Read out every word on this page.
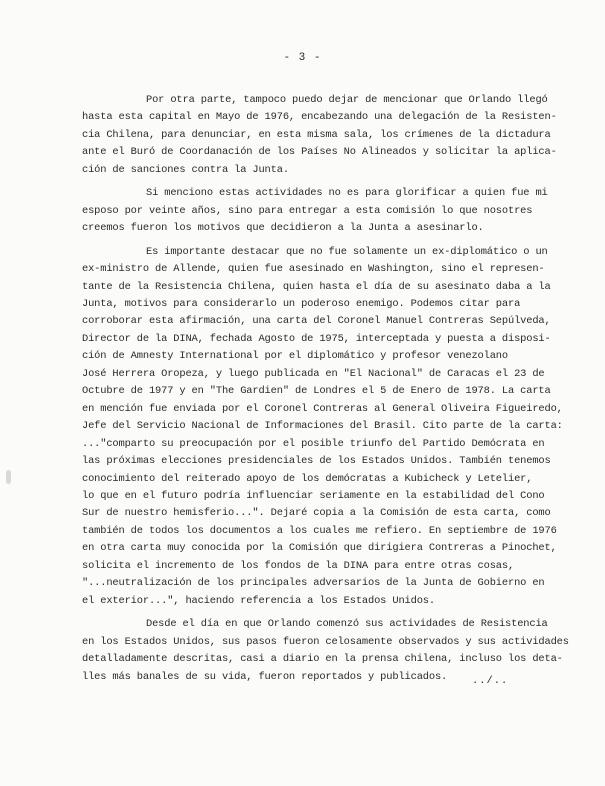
- 3 -
Por otra parte, tampoco puedo dejar de mencionar que Orlando llegó
hasta esta capital en Mayo de 1976, encabezando una delegación de la Resisten-
cia Chilena, para denunciar, en esta misma sala, los crímenes de la dictadura
ante el Buró de Coordanación de los Países No Alineados y solicitar la aplica-
ción de sanciones contra la Junta.
Si menciono estas actividades no es para glorificar a quien fue mi
esposo por veinte años, sino para entregar a esta comisión lo que nosotres
creemos fueron los motivos que decidieron a la Junta a asesinarlo.
Es importante destacar que no fue solamente un ex-diplomático o un
ex-ministro de Allende, quien fue asesinado en Washington, sino el represen-
tante de la Resistencia Chilena, quien hasta el día de su asesinato daba a la
Junta, motivos para considerarlo un poderoso enemigo. Podemos citar para
corroborar esta afirmación, una carta del Coronel Manuel Contreras Sepúlveda,
Director de la DINA, fechada Agosto de 1975, interceptada y puesta a disposi-
ción de Amnesty International por el diplomático y profesor venezolano
José Herrera Oropeza, y luego publicada en "El Nacional" de Caracas el 23 de
Octubre de 1977 y en "The Gardien" de Londres el 5 de Enero de 1978. La carta
en mención fue enviada por el Coronel Contreras al General Oliveira Figueiredo,
Jefe del Servicio Nacional de Informaciones del Brasil. Cito parte de la carta:
..."comparto su preocupación por el posible triunfo del Partido Demócrata en
las próximas elecciones presidenciales de los Estados Unidos. También tenemos
conocimiento del reiterado apoyo de los demócratas a Kubicheck y Letelier,
lo que en el futuro podría influenciar seriamente en la estabilidad del Cono
Sur de nuestro hemisferio...". Dejaré copia a la Comisión de esta carta, como
también de todos los documentos a los cuales me refiero. En septiembre de 1976
en otra carta muy conocida por la Comisión que dirigiera Contreras a Pinochet,
solicita el incremento de los fondos de la DINA para entre otras cosas,
"...neutralización de los principales adversarios de la Junta de Gobierno en
el exterior...", haciendo referencia a los Estados Unidos.
Desde el día en que Orlando comenzó sus actividades de Resistencia
en los Estados Unidos, sus pasos fueron celosamente observados y sus actividades
detalladamente descritas, casi a diario en la prensa chilena, incluso los deta-
lles más banales de su vida, fueron reportados y publicados.	../..
